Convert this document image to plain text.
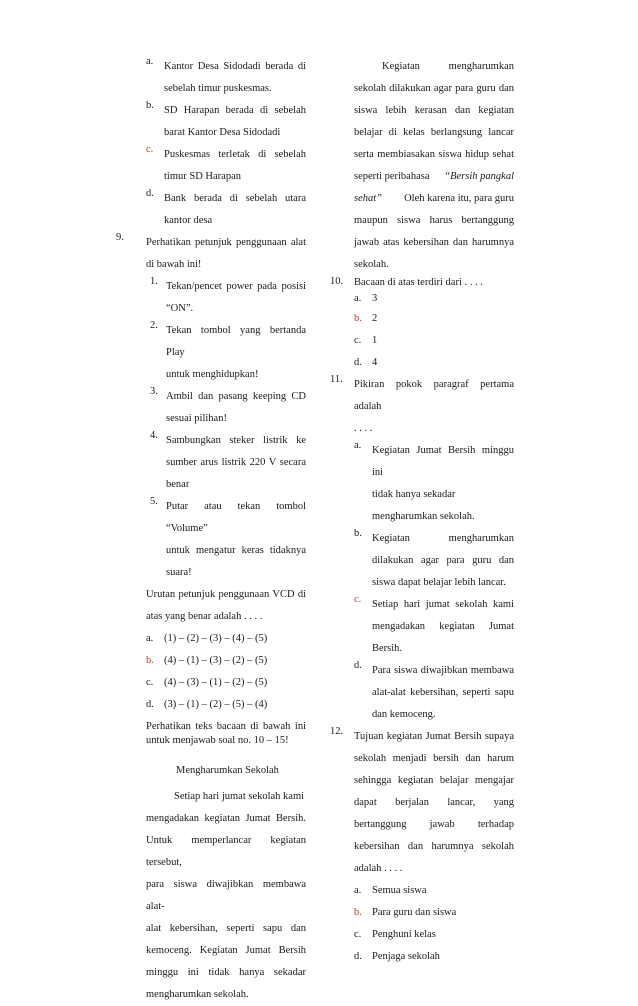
a.	Kantor Desa Sidodadi berada di
sebelah timur puskesmas.
b. SD Harapan berada di sebelah
barat Kantor Desa Sidodadi
c.	Puskesmas terletak di sebelah
timur SD Harapan
d. Bank berada di sebelah utara
kantor desa
9.	Perhatikan petunjuk penggunaan alat
di bawah ini!
1. Tekan/pencet power pada posisi
“ON”.
2. Tekan tombol yang bertanda Play
untuk menghidupkan!
3. Ambil dan pasang keeping CD
sesuai pilihan!
4. Sambungkan steker listrik ke
sumber arus listrik 220 V secara
benar
5. Putar atau tekan tombol “Volume”
untuk mengatur keras tidaknya
suara!
Urutan petunjuk penggunaan VCD di
atas yang benar adalah . . . .
a.	(1) – (2) – (3) – (4) – (5)
b. (4) – (1) – (3) – (2) – (5)
c.	(4) – (3) – (1) – (2) – (5)
d. (3) – (1) – (2) – (5) – (4)
Perhatikan teks bacaan di bawah ini
untuk menjawab soal no. 10 – 15!
Mengharumkan Sekolah
Setiap hari jumat sekolah kami
mengadakan kegiatan Jumat Bersih.
Untuk memperlancar kegiatan tersebut,
para siswa diwajibkan membawa alat-
alat kebersihan, seperti sapu dan
kemoceng. Kegiatan Jumat Bersih
minggu ini tidak hanya sekadar
mengharumkan sekolah.
Kegiatan mengharumkan
sekolah dilakukan agar para guru dan
siswa lebih kerasan dan kegiatan
belajar di kelas berlangsung lancar
serta membiasakan siswa hidup sehat
seperti peribahasa “Bersih pangkal
sehat” Oleh karena itu, para guru
maupun siswa harus bertanggung
jawab atas kebersihan dan harumnya
sekolah.
10.	Bacaan di atas terdiri dari . . . .
a.	3
b. 2
c.	1
d. 4
11.	Pikiran pokok paragraf pertama adalah
. . . .
a.	Kegiatan Jumat Bersih minggu ini
tidak hanya sekadar
mengharumkan sekolah.
b. Kegiatan mengharumkan
dilakukan agar para guru dan
siswa dapat belajar lebih lancar.
c.	Setiap hari jumat sekolah kami
mengadakan kegiatan Jumat
Bersih.
d. Para siswa diwajibkan membawa
alat-alat kebersihan, seperti sapu
dan kemoceng.
12.	Tujuan kegiatan Jumat Bersih supaya
sekolah menjadi bersih dan harum
sehingga kegiatan belajar mengajar
dapat berjalan lancar, yang
bertanggung jawab terhadap
kebersihan dan harumnya sekolah
adalah . . . .
a.	Semua siswa
b. Para guru dan siswa
c.	Penghuni kelas
d. Penjaga sekolah
